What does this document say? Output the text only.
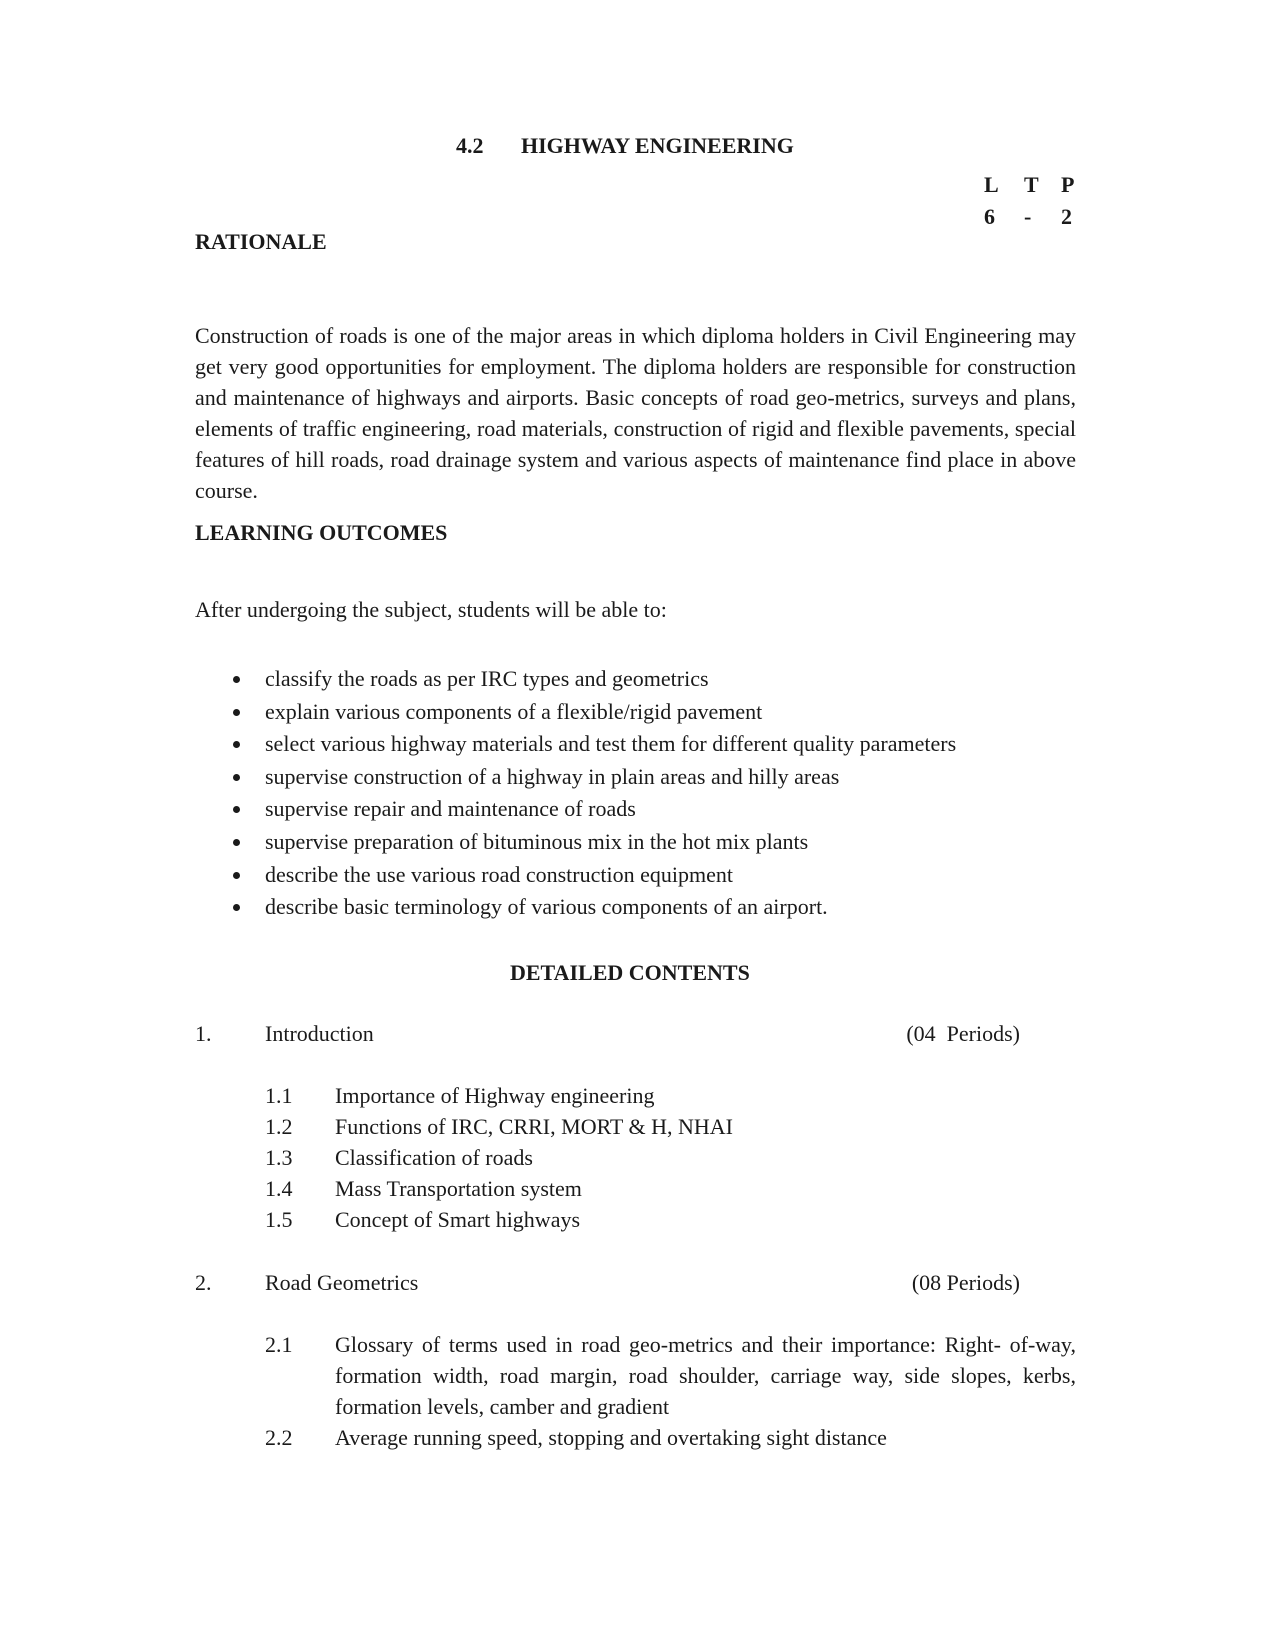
4.2 HIGHWAY ENGINEERING
L T P
6 - 2
RATIONALE
Construction of roads is one of the major areas in which diploma holders in Civil Engineering may get very good opportunities for employment. The diploma holders are responsible for construction and maintenance of highways and airports. Basic concepts of road geo-metrics, surveys and plans, elements of traffic engineering, road materials, construction of rigid and flexible pavements, special features of hill roads, road drainage system and various aspects of maintenance find place in above course.
LEARNING OUTCOMES
After undergoing the subject, students will be able to:
classify the roads as per IRC types and geometrics
explain various components of a flexible/rigid pavement
select various highway materials and test them for different quality parameters
supervise construction of a highway in plain areas and hilly areas
supervise repair and maintenance of roads
supervise preparation of bituminous mix in the hot mix plants
describe the use various road construction equipment
describe basic terminology of various components of an airport.
DETAILED CONTENTS
1. Introduction	(04  Periods)
1.1 Importance of Highway engineering
1.2 Functions of IRC, CRRI, MORT & H, NHAI
1.3 Classification of roads
1.4 Mass Transportation system
1.5 Concept of Smart highways
2. Road Geometrics	(08 Periods)
2.1 Glossary of terms used in road geo-metrics and their importance: Right- of-way, formation width, road margin, road shoulder, carriage way, side slopes, kerbs, formation levels, camber and gradient
2.2 Average running speed, stopping and overtaking sight distance
